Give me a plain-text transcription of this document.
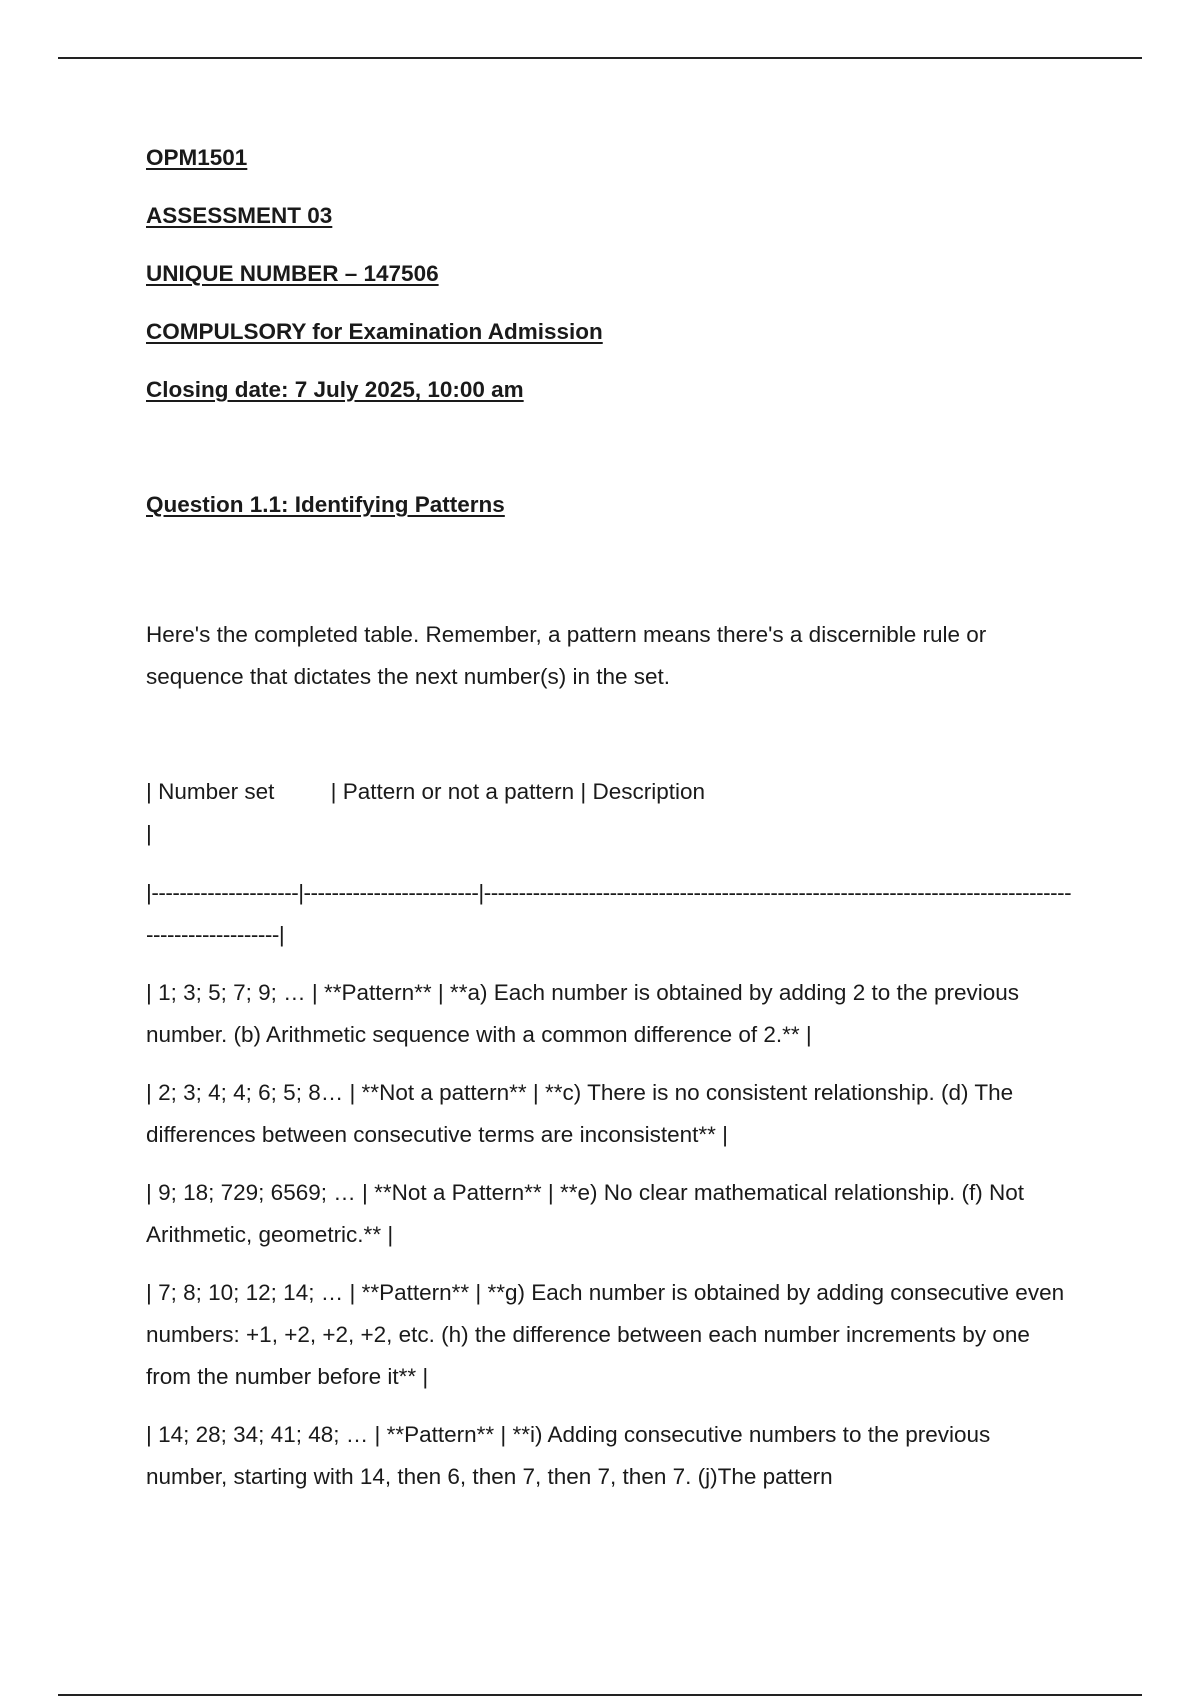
OPM1501

ASSESSMENT 03

UNIQUE NUMBER – 147506

COMPULSORY for Examination Admission

Closing date: 7 July 2025, 10:00 am

Question 1.1: Identifying Patterns

Here's the completed table. Remember, a pattern means there's a discernible rule or sequence that dictates the next number(s) in the set.

| Number set         | Pattern or not a pattern | Description                                                               |

|---------------------|-------------------------|-------------------------------------------------------------------------------------------------------|

| 1; 3; 5; 7; 9; … | **Pattern** | **a) Each number is obtained by adding 2 to the previous number. (b) Arithmetic sequence with a common difference of 2.** |

| 2; 3; 4; 4; 6; 5; 8… | **Not a pattern** | **c) There is no consistent relationship. (d) The differences between consecutive terms are inconsistent** |

| 9; 18; 729; 6569; … | **Not a Pattern** | **e) No clear mathematical relationship. (f) Not Arithmetic, geometric.** |

| 7; 8; 10; 12; 14; … | **Pattern** | **g) Each number is obtained by adding consecutive even numbers: +1, +2, +2, +2, etc. (h) the difference between each number increments by one from the number before it** |

| 14; 28; 34; 41; 48; … | **Pattern** | **i) Adding consecutive numbers to the previous number, starting with 14, then 6, then 7, then 7, then 7. (j)The pattern
